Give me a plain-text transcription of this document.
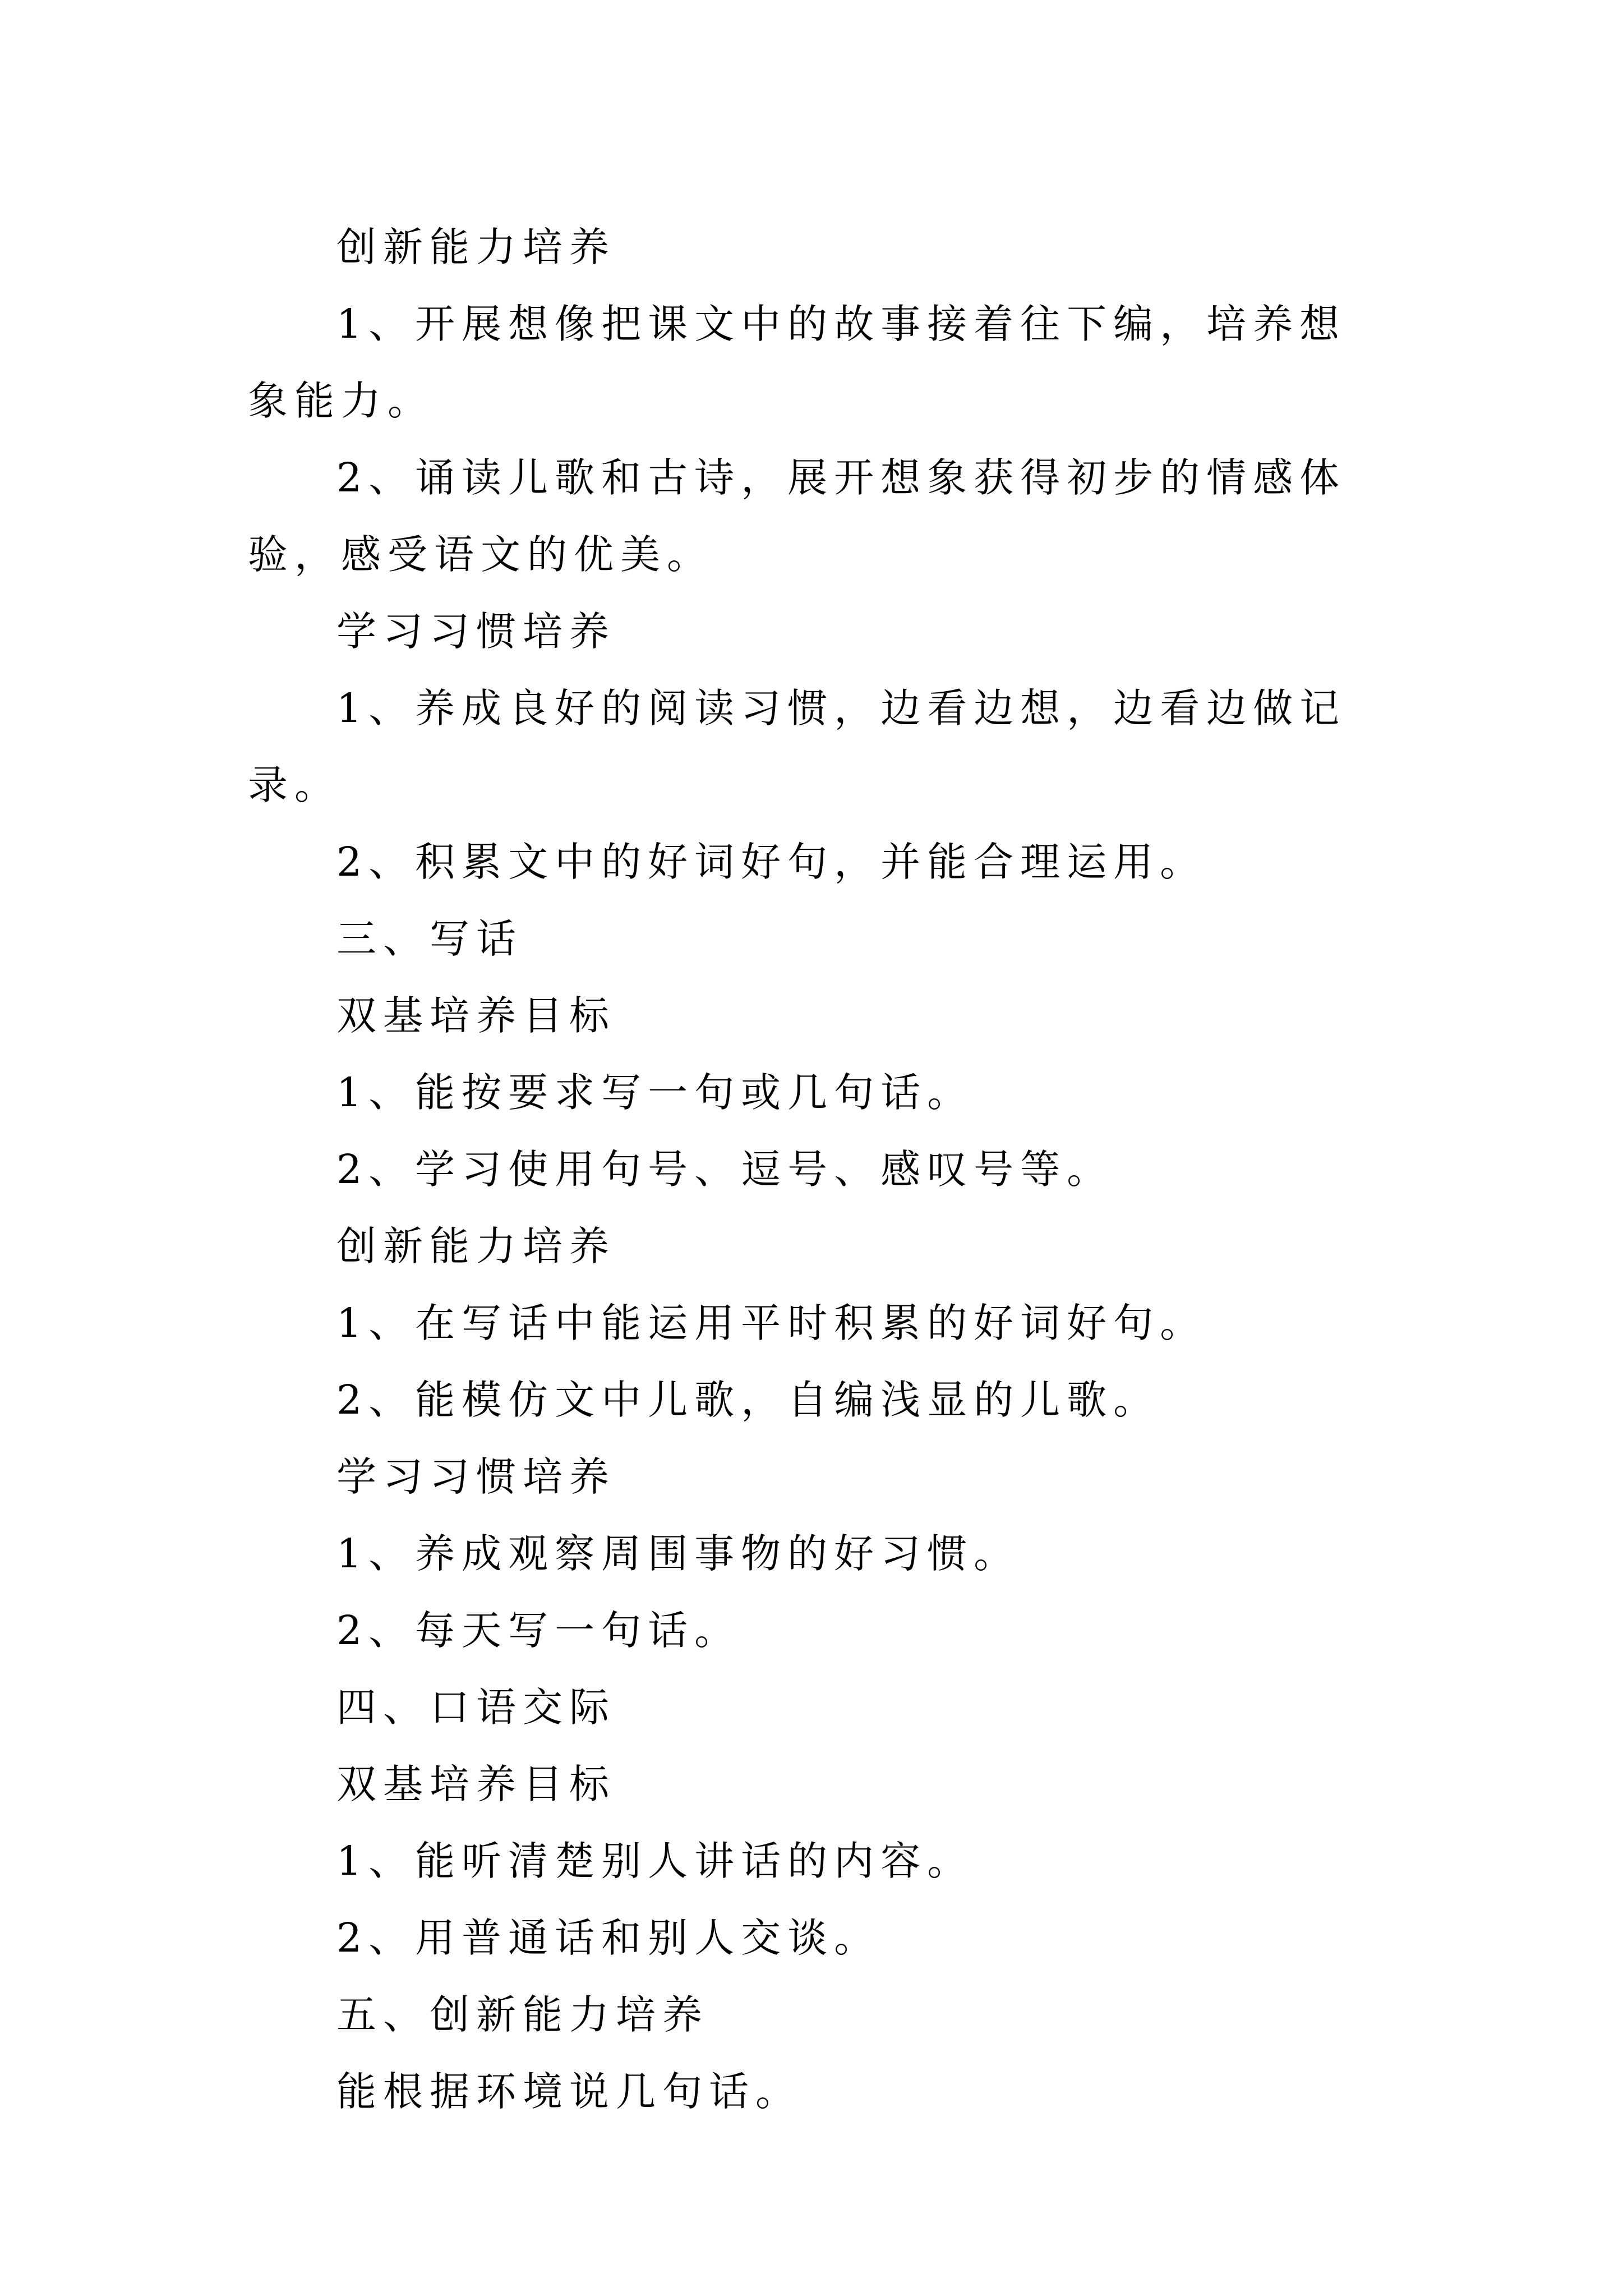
创新能力培养

1、开展想像把课文中的故事接着往下编，培养想象能力。

2、诵读儿歌和古诗，展开想象获得初步的情感体验，感受语文的优美。

学习习惯培养

1、养成良好的阅读习惯，边看边想，边看边做记录。

2、积累文中的好词好句，并能合理运用。

三、写话

双基培养目标

1、能按要求写一句或几句话。

2、学习使用句号、逗号、感叹号等。

创新能力培养

1、在写话中能运用平时积累的好词好句。

2、能模仿文中儿歌，自编浅显的儿歌。

学习习惯培养

1、养成观察周围事物的好习惯。

2、每天写一句话。

四、口语交际

双基培养目标

1、能听清楚别人讲话的内容。

2、用普通话和别人交谈。

五、创新能力培养

能根据环境说几句话。
